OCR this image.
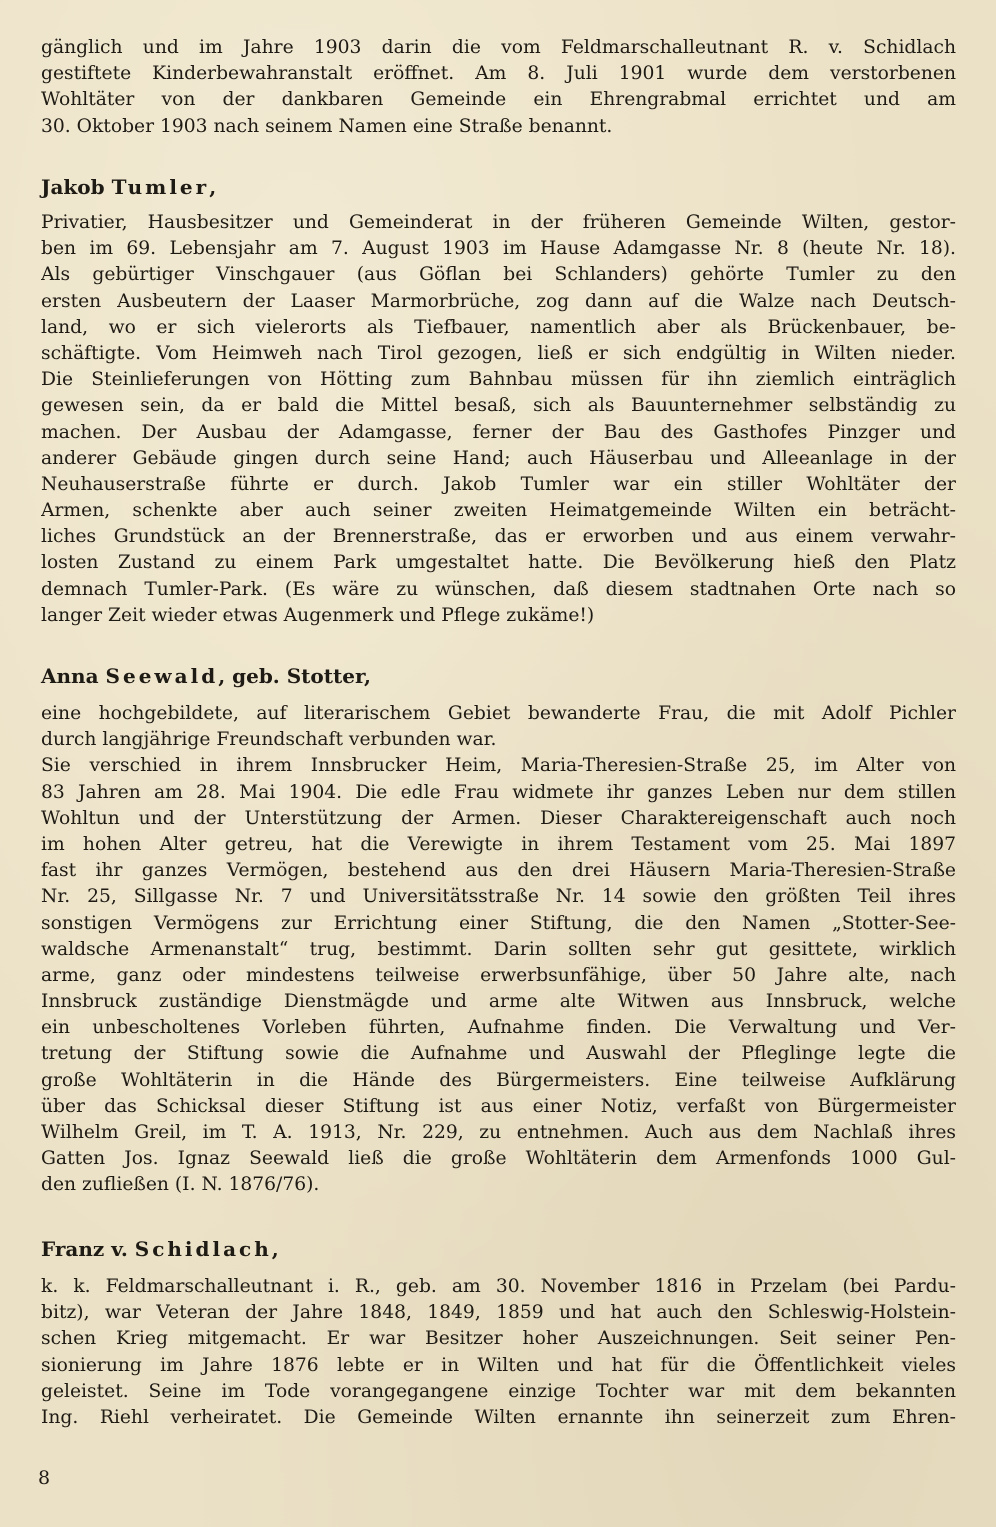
gänglich und im Jahre 1903 darin die vom Feldmarschalleutnant R. v. Schidlach
gestiftete Kinderbewahranstalt eröffnet. Am 8. Juli 1901 wurde dem verstorbenen
Wohltäter von der dankbaren Gemeinde ein Ehrengrabmal errichtet und am
30. Oktober 1903 nach seinem Namen eine Straße benannt.
Jakob Tumler,
Privatier, Hausbesitzer und Gemeinderat in der früheren Gemeinde Wilten, gestor-
ben im 69. Lebensjahr am 7. August 1903 im Hause Adamgasse Nr. 8 (heute Nr. 18).
Als gebürtiger Vinschgauer (aus Göflan bei Schlanders) gehörte Tumler zu den
ersten Ausbeutern der Laaser Marmorbrüche, zog dann auf die Walze nach Deutsch-
land, wo er sich vielerorts als Tiefbauer, namentlich aber als Brückenbauer, be-
schäftigte. Vom Heimweh nach Tirol gezogen, ließ er sich endgültig in Wilten nieder.
Die Steinlieferungen von Hötting zum Bahnbau müssen für ihn ziemlich einträglich
gewesen sein, da er bald die Mittel besaß, sich als Bauunternehmer selbständig zu
machen. Der Ausbau der Adamgasse, ferner der Bau des Gasthofes Pinzger und
anderer Gebäude gingen durch seine Hand; auch Häuserbau und Alleeanlage in der
Neuhauserstraße führte er durch. Jakob Tumler war ein stiller Wohltäter der
Armen, schenkte aber auch seiner zweiten Heimatgemeinde Wilten ein beträcht-
liches Grundstück an der Brennerstraße, das er erworben und aus einem verwahr-
losten Zustand zu einem Park umgestaltet hatte. Die Bevölkerung hieß den Platz
demnach Tumler-Park. (Es wäre zu wünschen, daß diesem stadtnahen Orte nach so
langer Zeit wieder etwas Augenmerk und Pflege zukäme!)
Anna Seewald, geb. Stotter,
eine hochgebildete, auf literarischem Gebiet bewanderte Frau, die mit Adolf Pichler
durch langjährige Freundschaft verbunden war.
Sie verschied in ihrem Innsbrucker Heim, Maria-Theresien-Straße 25, im Alter von
83 Jahren am 28. Mai 1904. Die edle Frau widmete ihr ganzes Leben nur dem stillen
Wohltun und der Unterstützung der Armen. Dieser Charaktereigenschaft auch noch
im hohen Alter getreu, hat die Verewigte in ihrem Testament vom 25. Mai 1897
fast ihr ganzes Vermögen, bestehend aus den drei Häusern Maria-Theresien-Straße
Nr. 25, Sillgasse Nr. 7 und Universitätsstraße Nr. 14 sowie den größten Teil ihres
sonstigen Vermögens zur Errichtung einer Stiftung, die den Namen „Stotter-See-
waldsche Armenanstalt“ trug, bestimmt. Darin sollten sehr gut gesittete, wirklich
arme, ganz oder mindestens teilweise erwerbsunfähige, über 50 Jahre alte, nach
Innsbruck zuständige Dienstmägde und arme alte Witwen aus Innsbruck, welche
ein unbescholtenes Vorleben führten, Aufnahme finden. Die Verwaltung und Ver-
tretung der Stiftung sowie die Aufnahme und Auswahl der Pfleglinge legte die
große Wohltäterin in die Hände des Bürgermeisters. Eine teilweise Aufklärung
über das Schicksal dieser Stiftung ist aus einer Notiz, verfaßt von Bürgermeister
Wilhelm Greil, im T. A. 1913, Nr. 229, zu entnehmen. Auch aus dem Nachlaß ihres
Gatten Jos. Ignaz Seewald ließ die große Wohltäterin dem Armenfonds 1000 Gul-
den zufließen (I. N. 1876/76).
Franz v. Schidlach,
k. k. Feldmarschalleutnant i. R., geb. am 30. November 1816 in Przelam (bei Pardu-
bitz), war Veteran der Jahre 1848, 1849, 1859 und hat auch den Schleswig-Holstein-
schen Krieg mitgemacht. Er war Besitzer hoher Auszeichnungen. Seit seiner Pen-
sionierung im Jahre 1876 lebte er in Wilten und hat für die Öffentlichkeit vieles
geleistet. Seine im Tode vorangegangene einzige Tochter war mit dem bekannten
Ing. Riehl verheiratet. Die Gemeinde Wilten ernannte ihn seinerzeit zum Ehren-
8
